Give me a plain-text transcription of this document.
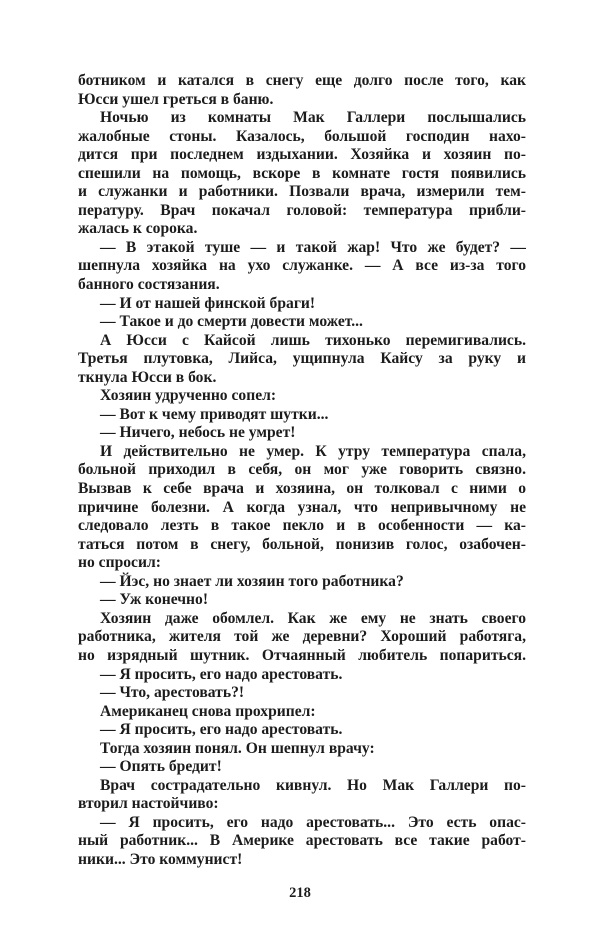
ботником и катался в снегу еще долго после того, как
Юсси ушел греться в баню.
Ночью из комнаты Мак Галлери послышались
жалобные стоны. Казалось, большой господин нахо-
дится при последнем издыхании. Хозяйка и хозяин по-
спешили на помощь, вскоре в комнате гостя появились
и служанки и работники. Позвали врача, измерили тем-
пературу. Врач покачал головой: температура прибли-
жалась к сорока.
— В этакой туше — и такой жар! Что же будет? —
шепнула хозяйка на ухо служанке. — А все из-за того
банного состязания.
— И от нашей финской браги!
— Такое и до смерти довести может...
А Юсси с Кайсой лишь тихонько перемигивались.
Третья плутовка, Лийса, ущипнула Кайсу за руку и
ткнула Юсси в бок.
Хозяин удрученно сопел:
— Вот к чему приводят шутки...
— Ничего, небось не умрет!
И действительно не умер. К утру температура спала,
больной приходил в себя, он мог уже говорить связно.
Вызвав к себе врача и хозяина, он толковал с ними о
причине болезни. А когда узнал, что непривычному не
следовало лезть в такое пекло и в особенности — ка-
таться потом в снегу, больной, понизив голос, озабочен-
но спросил:
— Йэс, но знает ли хозяин того работника?
— Уж конечно!
Хозяин даже обомлел. Как же ему не знать своего
работника, жителя той же деревни? Хороший работяга,
но изрядный шутник. Отчаянный любитель попариться.
— Я просить, его надо арестовать.
— Что, арестовать?!
Американец снова прохрипел:
— Я просить, его надо арестовать.
Тогда хозяин понял. Он шепнул врачу:
— Опять бредит!
Врач сострадательно кивнул. Но Мак Галлери по-
вторил настойчиво:
— Я просить, его надо арестовать... Это есть опас-
ный работник... В Америке арестовать все такие работ-
ники... Это коммунист!
218
